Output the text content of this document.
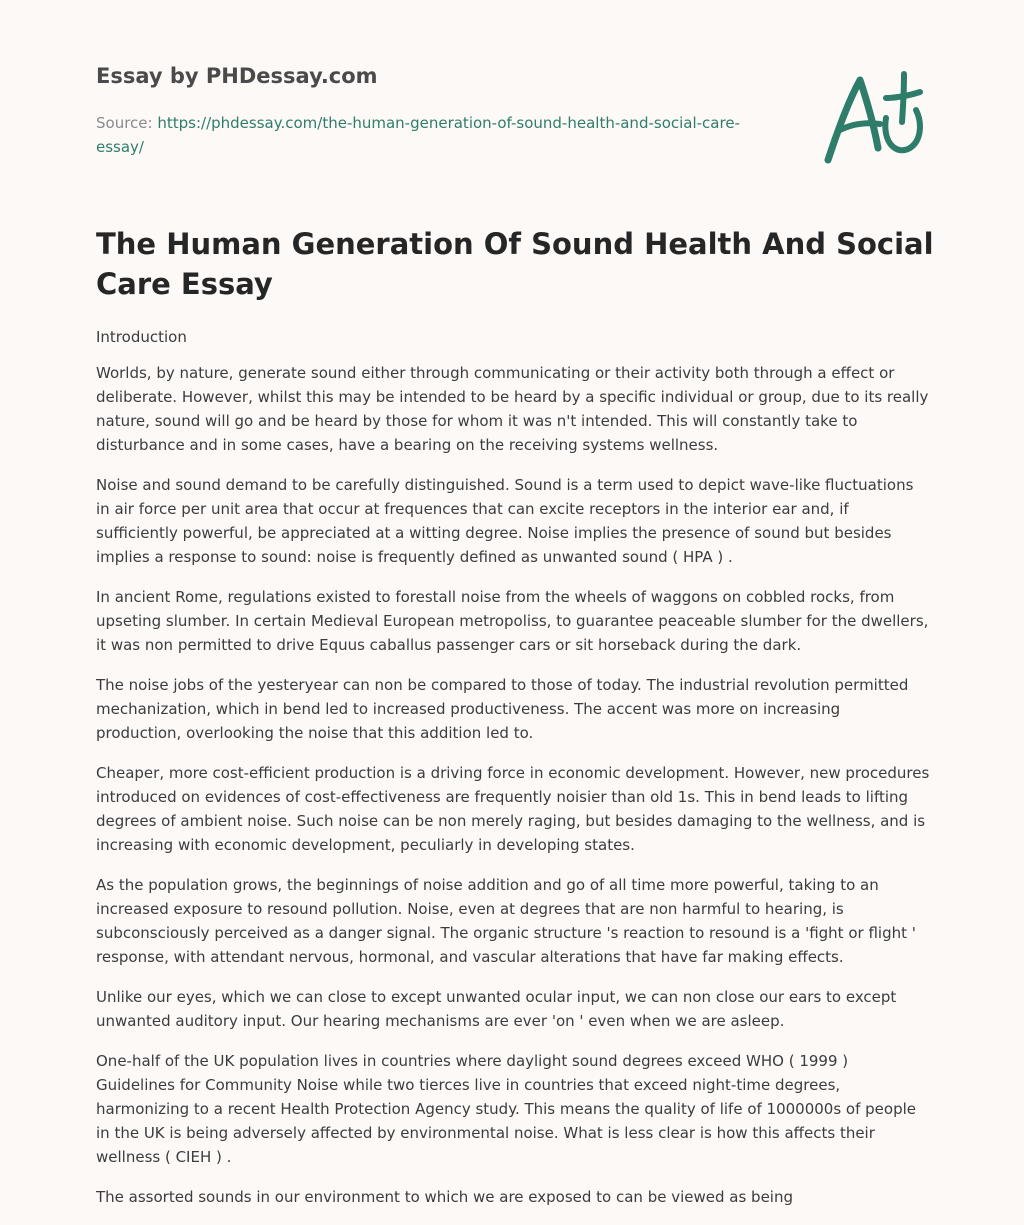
Essay by PHDessay.com
Source: https://phdessay.com/the-human-generation-of-sound-health-and-social-care-essay/
The Human Generation Of Sound Health And Social Care Essay

Introduction

Worlds, by nature, generate sound either through communicating or their activity both through a effect or deliberate. However, whilst this may be intended to be heard by a specific individual or group, due to its really nature, sound will go and be heard by those for whom it was n't intended. This will constantly take to disturbance and in some cases, have a bearing on the receiving systems wellness.

Noise and sound demand to be carefully distinguished. Sound is a term used to depict wave-like fluctuations in air force per unit area that occur at frequences that can excite receptors in the interior ear and, if sufficiently powerful, be appreciated at a witting degree. Noise implies the presence of sound but besides implies a response to sound: noise is frequently defined as unwanted sound ( HPA ) .

In ancient Rome, regulations existed to forestall noise from the wheels of waggons on cobbled rocks, from upseting slumber. In certain Medieval European metropoliss, to guarantee peaceable slumber for the dwellers, it was non permitted to drive Equus caballus passenger cars or sit horseback during the dark.

The noise jobs of the yesteryear can non be compared to those of today. The industrial revolution permitted mechanization, which in bend led to increased productiveness. The accent was more on increasing production, overlooking the noise that this addition led to.

Cheaper, more cost-efficient production is a driving force in economic development. However, new procedures introduced on evidences of cost-effectiveness are frequently noisier than old 1s. This in bend leads to lifting degrees of ambient noise. Such noise can be non merely raging, but besides damaging to the wellness, and is increasing with economic development, peculiarly in developing states.

As the population grows, the beginnings of noise addition and go of all time more powerful, taking to an increased exposure to resound pollution. Noise, even at degrees that are non harmful to hearing, is subconsciously perceived as a danger signal. The organic structure 's reaction to resound is a 'fight or flight ' response, with attendant nervous, hormonal, and vascular alterations that have far making effects.

Unlike our eyes, which we can close to except unwanted ocular input, we can non close our ears to except unwanted auditory input. Our hearing mechanisms are ever 'on ' even when we are asleep.

One-half of the UK population lives in countries where daylight sound degrees exceed WHO ( 1999 ) Guidelines for Community Noise while two tierces live in countries that exceed night-time degrees, harmonizing to a recent Health Protection Agency study. This means the quality of life of 1000000s of people in the UK is being adversely affected by environmental noise. What is less clear is how this affects their wellness ( CIEH ) .

The assorted sounds in our environment to which we are exposed to can be viewed as being
